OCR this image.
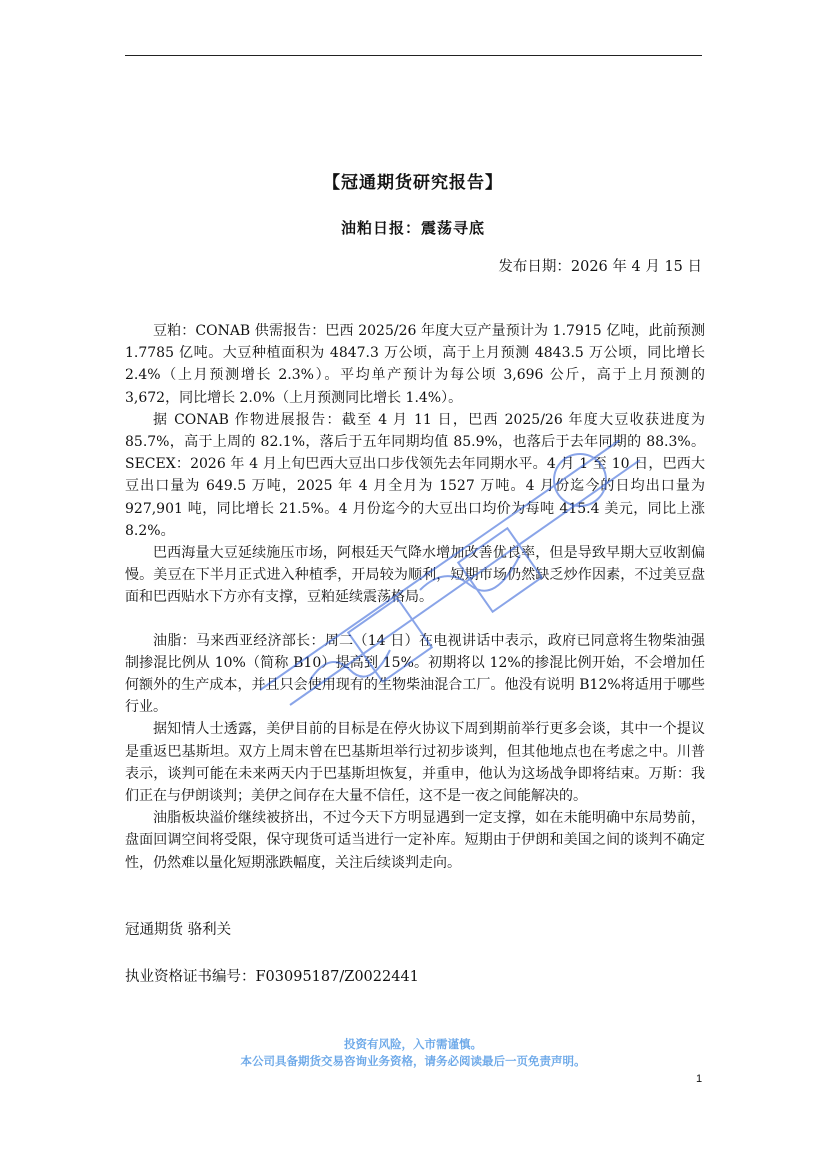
【冠通期货研究报告】
油粕日报：震荡寻底
发布日期：2026 年 4 月 15 日

豆粕：CONAB 供需报告：巴西 2025/26 年度大豆产量预计为 1.7915 亿吨，此前预测 1.7785 亿吨。大豆种植面积为 4847.3 万公顷，高于上月预测 4843.5 万公顷，同比增长 2.4%（上月预测增长 2.3%）。平均单产预计为每公顷 3,696 公斤，高于上月预测的 3,672，同比增长 2.0%（上月预测同比增长 1.4%）。

据 CONAB 作物进展报告：截至 4 月 11 日，巴西 2025/26 年度大豆收获进度为 85.7%，高于上周的 82.1%，落后于五年同期均值 85.9%，也落后于去年同期的 88.3%。SECEX：2026 年 4 月上旬巴西大豆出口步伐领先去年同期水平。4 月 1 至 10 日，巴西大豆出口量为 649.5 万吨，2025 年 4 月全月为 1527 万吨。4 月份迄今的日均出口量为 927,901 吨，同比增长 21.5%。4 月份迄今的大豆出口均价为每吨 415.4 美元，同比上涨 8.2%。

巴西海量大豆延续施压市场，阿根廷天气降水增加改善优良率，但是导致早期大豆收割偏慢。美豆在下半月正式进入种植季，开局较为顺利，短期市场仍然缺乏炒作因素，不过美豆盘面和巴西贴水下方亦有支撑，豆粕延续震荡格局。

油脂：马来西亚经济部长：周二（14 日）在电视讲话中表示，政府已同意将生物柴油强制掺混比例从 10%（简称 B10）提高到 15%。初期将以 12%的掺混比例开始，不会增加任何额外的生产成本，并且只会使用现有的生物柴油混合工厂。他没有说明 B12%将适用于哪些行业。

据知情人士透露，美伊目前的目标是在停火协议下周到期前举行更多会谈，其中一个提议是重返巴基斯坦。双方上周末曾在巴基斯坦举行过初步谈判，但其他地点也在考虑之中。川普表示，谈判可能在未来两天内于巴基斯坦恢复，并重申，他认为这场战争即将结束。万斯：我们正在与伊朗谈判；美伊之间存在大量不信任，这不是一夜之间能解决的。

油脂板块溢价继续被挤出，不过今天下方明显遇到一定支撑，如在未能明确中东局势前，盘面回调空间将受限，保守现货可适当进行一定补库。短期由于伊朗和美国之间的谈判不确定性，仍然难以量化短期涨跌幅度，关注后续谈判走向。

冠通期货 骆利关
执业资格证书编号：F03095187/Z0022441
投资有风险，入市需谨慎。
本公司具备期货交易咨询业务资格，请务必阅读最后一页免责声明。
1
